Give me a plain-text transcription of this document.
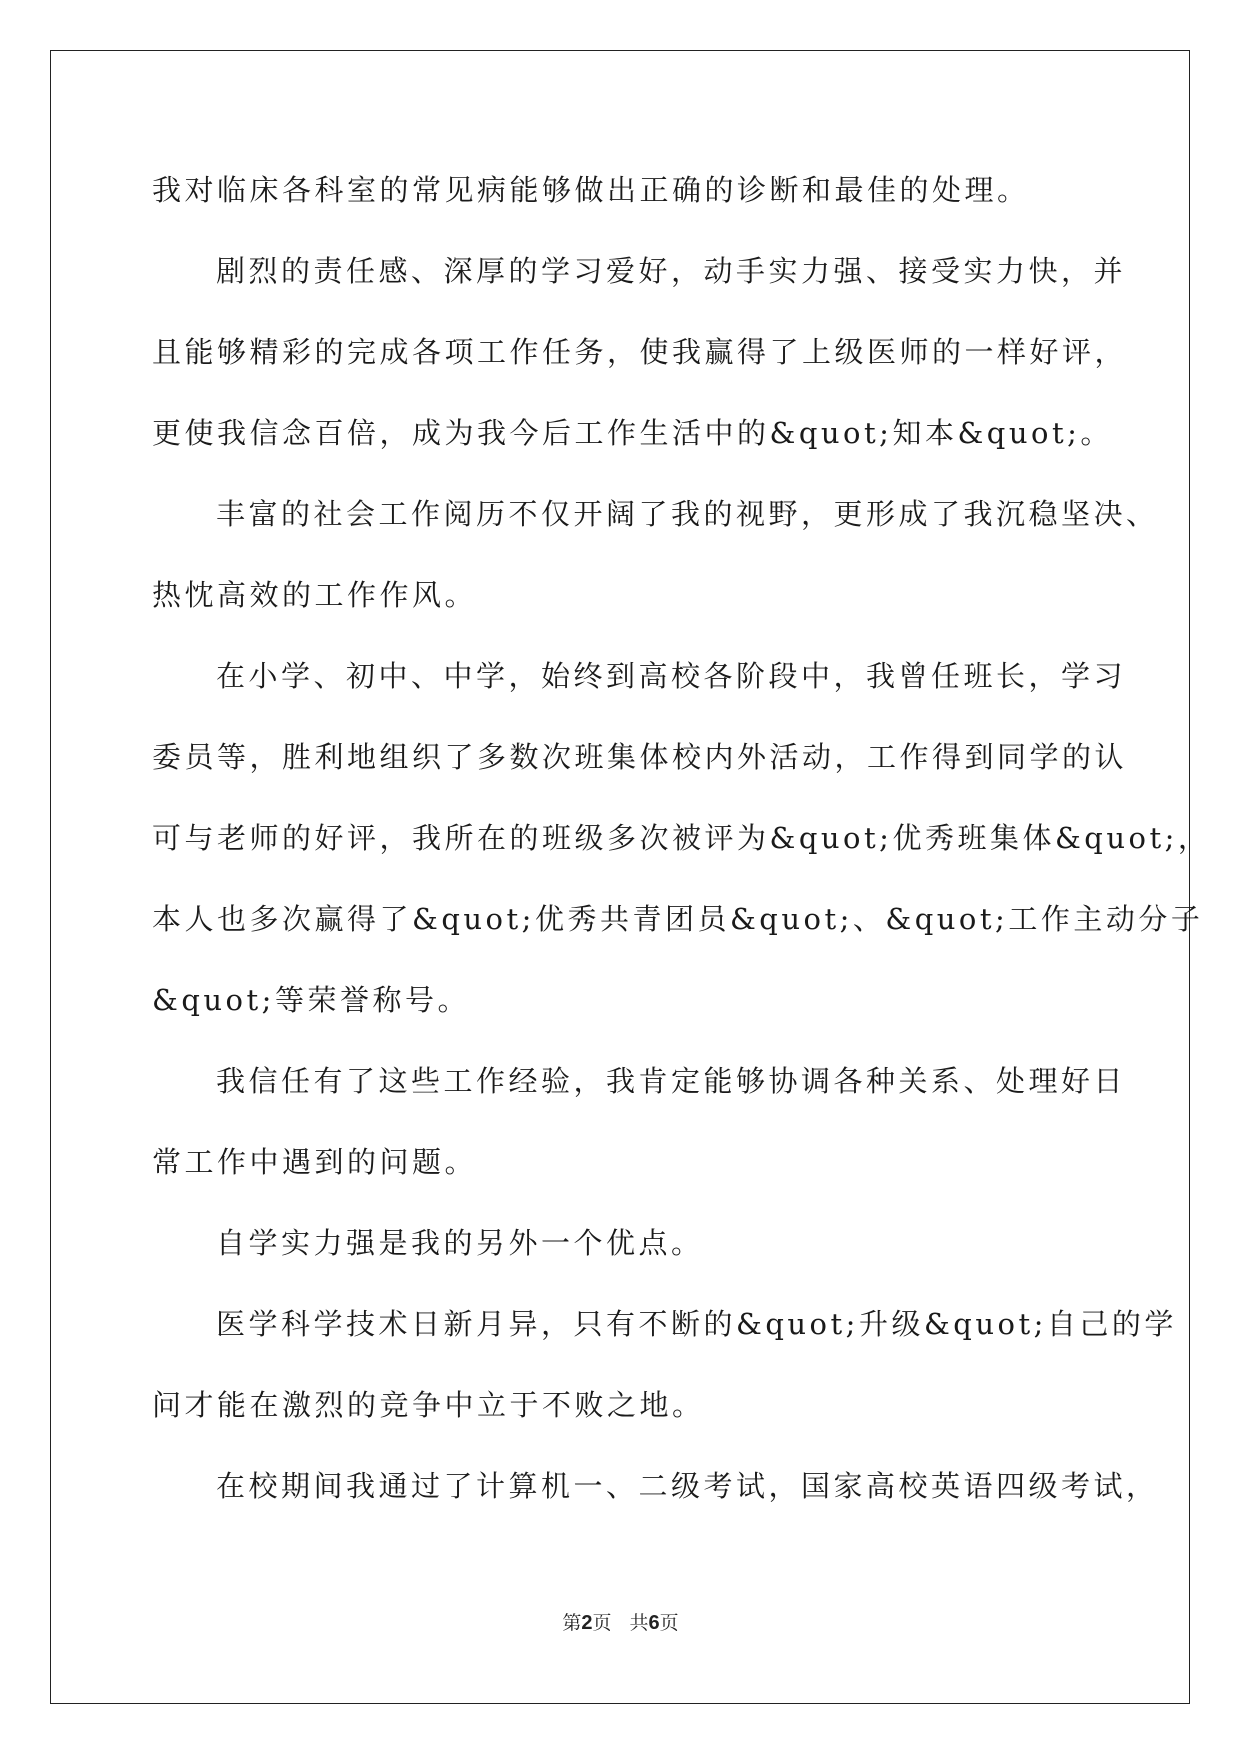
我对临床各科室的常见病能够做出正确的诊断和最佳的处理。
剧烈的责任感、深厚的学习爱好，动手实力强、接受实力快，并
且能够精彩的完成各项工作任务，使我赢得了上级医师的一样好评，
更使我信念百倍，成为我今后工作生活中的&quot;知本&quot;。
丰富的社会工作阅历不仅开阔了我的视野，更形成了我沉稳坚决、
热忱高效的工作作风。
在小学、初中、中学，始终到高校各阶段中，我曾任班长，学习
委员等，胜利地组织了多数次班集体校内外活动，工作得到同学的认
可与老师的好评，我所在的班级多次被评为&quot;优秀班集体&quot;，
本人也多次赢得了&quot;优秀共青团员&quot;、&quot;工作主动分子
&quot;等荣誉称号。
我信任有了这些工作经验，我肯定能够协调各种关系、处理好日
常工作中遇到的问题。
自学实力强是我的另外一个优点。
医学科学技术日新月异，只有不断的&quot;升级&quot;自己的学
问才能在激烈的竞争中立于不败之地。
在校期间我通过了计算机一、二级考试，国家高校英语四级考试，
第2页 共6页
